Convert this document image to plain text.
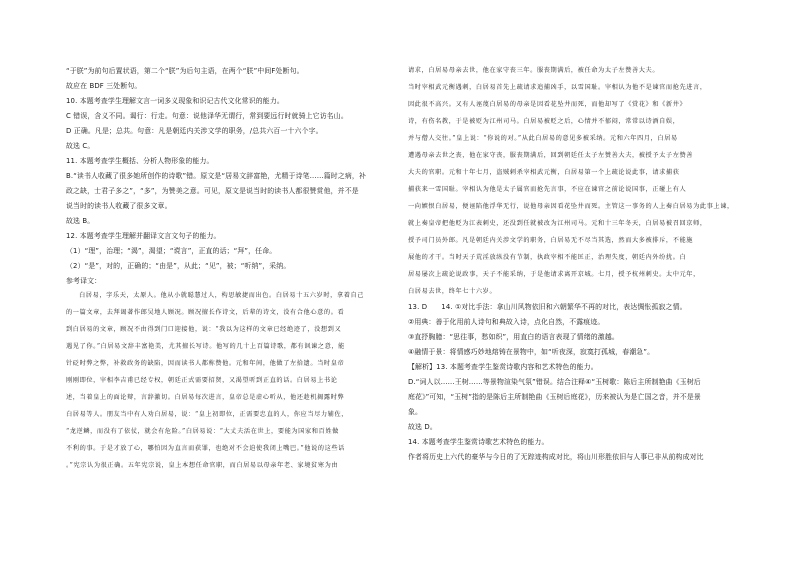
“于朕”为前句后置状语，第二个“朕”为后句主语，在两个“朕”中间F处断句。
故应在 BDF 三处断句。
10. 本题考查学生理解文言一词多义现象和识记古代文化常识的能力。
C 错误，含义不同。谒行：行走。句意：说他泽华无谓行，常到要远行时就骑上它访名山。
D 正确。凡是；总共。句意：凡是朝廷内关涉文学的职务，/总共六百一十六个字。
故选 C。
11. 本题考查学生概括、分析人物形象的能力。
B.“读书人收藏了很多她所创作的诗歌”错。原文是“居易文辞富艳，尤精于诗笔……篇时之病，补
政之缺，士君子多之”，“多”，为赞美之意。可见，原文是说当时的读书人都很赞赏他，并不是
说当时的读书人收藏了很多文章。
故选 B。
12. 本题考查学生理解并翻译文言文句子的能力。
（1）“理”，治理；“渴”，渴望；“谠言”，正直的话；“拜”，任命。
（2）“是”，对的，正确的；“由是”，从此；“见”，被；“听纳”，采纳。
参考译文：
白居易，字乐天，太原人。他从小就聪慧过人，构思敏捷而出色。白居易十五六岁时，拿着自己
的一篇文章，去拜谒著作郎吴地人顾况。顾况擅长作诗文，后辈的诗文，没有合他心意的。看
到白居易的文章，顾况不由得到门口迎接他，说：“我以为这样的文章已经绝迹了，没想到又
遇见了你。”白居易文辞丰富艳美，尤其擅长写诗。他写的几十上百篇诗歌，都有讽谏之意，能
针砭时弊之弊，补救政务的缺陷，因而读书人都称赞他。元和年间，他做了左拾遗。当时皇帝
刚刚即位，宰相李吉甫已经专权，朝廷正式需要招贤，又渴望听到正直的话。白居易上书论
述，当着皇上的面论辩，言辞激切。白居易每次进言，皇帝总是虚心听从，他还趁机揭露时弊
白居易等人。朋友当中有人劝白居易，说：“皇上初即位，正需要忠直的人，你应当尽力辅佐，
“龙逆鳞，而没有了依仗，就会有危险。”白居易说：“大丈夫活在世上，要能为国家和百姓做
不利的事。于是才放了心，哪怕因为直言而获罪，也绝对不会迫使我闭上嘴巴。”他说的这些话
。”宪宗认为很正确。五年宪宗说，皇上本想任命官职，而白居易以母亲年老、家境贫寒为由
请求，白居易母亲去世，他在家守丧三年。服丧期满后，被任命为太子左赞善大夫。
当时宰相武元衡遇刺，白居易首先上疏请求追捕凶手，以雪国耻。宰相认为他不是谏官而抢先进言，
因此很不高兴。又有人诬蔑白居易的母亲是因看花坠井而死，而他却写了《赏花》和《新井》
诗，有伤名教，于是被贬为江州司马。白居易被贬之后，心情并不郁闷，常常以诗酒自娱，
并与僧人交往。”皇上说：“你说的对。”从此白居易的意见多被采纳。元和六年四月，白居易
遭遇母亲去世之丧，他在家守丧，服丧期满后，回到朝廷任太子左赞善大夫，被授予太子左赞善
大夫的官职。元和十年七月，盗贼刺杀宰相武元衡，白居易第一个上疏论说此事，请求捕获
捕获来一雪国耻。宰相认为他是太子属官而抢先言事，不应在谏官之前论说国事，正碰上有人
一向嫉恨白居易，便诬陷他浮华无行，说他母亲因看花坠井而死。主管这一事务的人上奏白居易为此事上谏，
就上奏皇帝把他贬为江表刺史，还没到任就被改为江州司马。元和十三年冬天，白居易被召回京师，
授予司门员外郎。凡是朝廷内关涉文学的职务，白居易无不尽当其选，然而大多被排斥，不能施
展他的才干。当时天子荒淫放纵没有节制，执政宰相不能匡正，治理失度，朝廷内外纷扰。白
居易屡次上疏论说政事，天子不能采纳，于是他请求离开京城。七月，授予杭州刺史。太中元年，
白居易去世，终年七十六岁。
13. D　　14. ①对比手法：拿山川风物依旧和六朝繁华不再的对比，表达惆怅孤寂之情。
②用典：善于化用前人诗句和典故入诗，点化自然，不露痕迹。
③直抒胸臆：“思往事，愁如织”，用直白的语言表现了情绪的激越。
④融情于景：将情感巧妙地熔铸在景物中，如“听夜深，寂寞打孤城，春潮急”。
【解析】13. 本题考查学生鉴赏诗歌内容和艺术特色的能力。
D.“词人以……王树……等景物渲染气氛”错误。结合注释④“玉树歌：陈后主所制艳曲《玉树后
庭花》”可知，“玉树”指的是陈后主所制艳曲《玉树后庭花》，历来被认为是亡国之音，并不是景
象。
故选 D。
14. 本题考查学生鉴赏诗歌艺术特色的能力。
作者将历史上六代的豪华与今日的了无踪迹构成对比，将山川形胜依旧与人事已非从前构成对比
